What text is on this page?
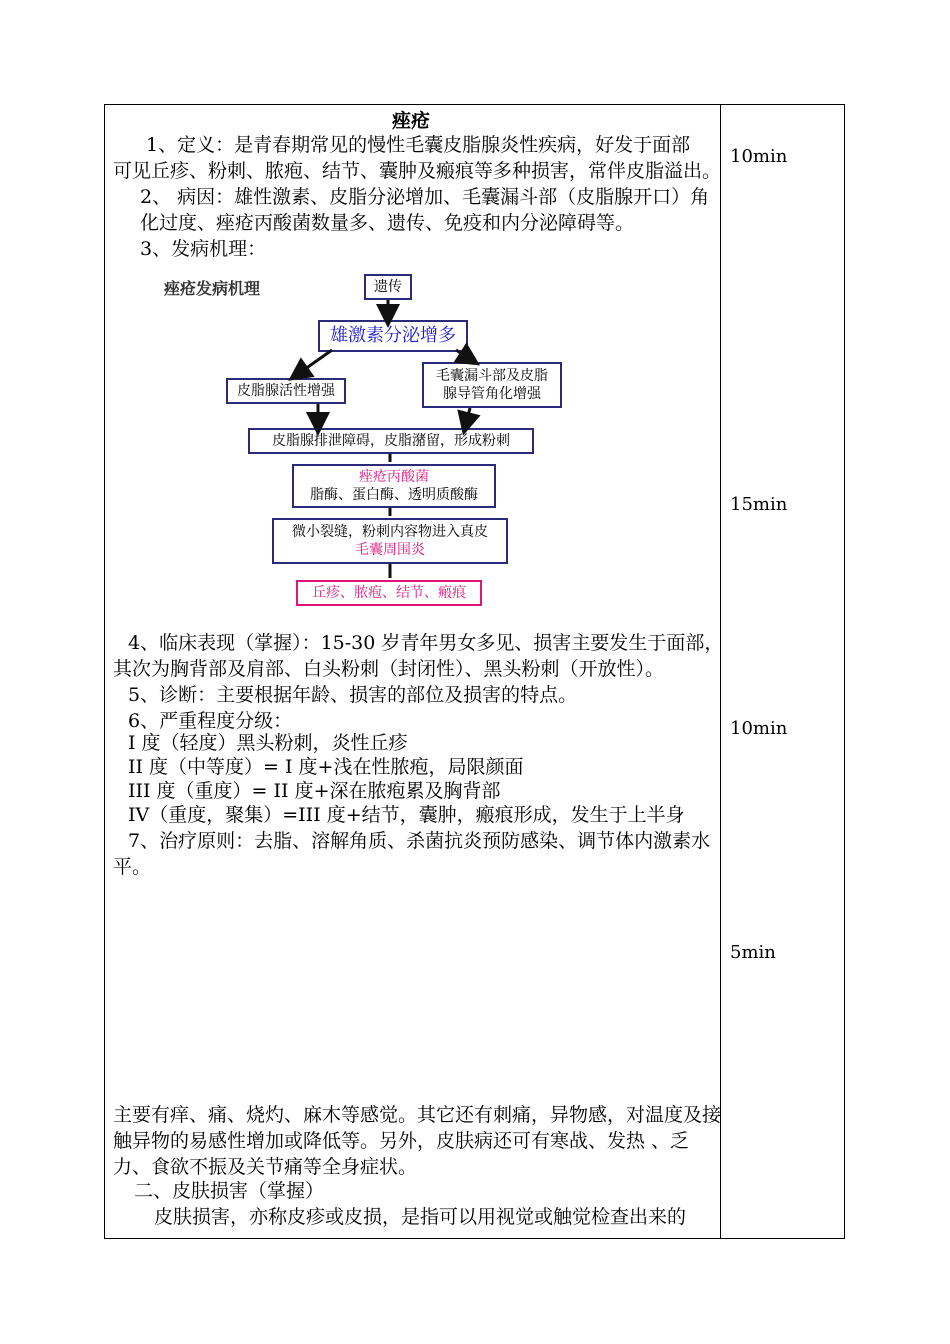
痤疮
1、定义：是青春期常见的慢性毛囊皮脂腺炎性疾病，好发于面部
可见丘疹、粉刺、脓疱、结节、囊肿及瘢痕等多种损害，常伴皮脂溢出。
2、 病因：雄性激素、皮脂分泌增加、毛囊漏斗部（皮脂腺开口）角
化过度、痤疮丙酸菌数量多、遗传、免疫和内分泌障碍等。
3、发病机理：
痤疮发病机理	遗传
雄激素分泌增多
皮脂腺活性增强
毛囊漏斗部及皮脂
腺导管角化增强
皮脂腺排泄障碍，皮脂潴留，形成粉刺
痤疮丙酸菌
脂酶、蛋白酶、透明质酸酶
微小裂缝，粉刺内容物进入真皮
毛囊周围炎
丘疹、脓疱、结节、瘢痕
4、临床表现（掌握）：15-30 岁青年男女多见、损害主要发生于面部，
其次为胸背部及肩部、白头粉刺（封闭性）、黑头粉刺（开放性）。
5、诊断：主要根据年龄、损害的部位及损害的特点。
6、严重程度分级：
I 度（轻度）黑头粉刺，炎性丘疹
II 度（中等度）= I 度+浅在性脓疱，局限颜面
III 度（重度）= II 度+深在脓疱累及胸背部
IV（重度，聚集）=III 度+结节，囊肿，瘢痕形成，发生于上半身
7、治疗原则：去脂、溶解角质、杀菌抗炎预防感染、调节体内激素水
平。
主要有痒、痛、烧灼、麻木等感觉。其它还有刺痛，异物感，对温度及接
触异物的易感性增加或降低等。另外，皮肤病还可有寒战、发热 、乏
力、食欲不振及关节痛等全身症状。
二、皮肤损害（掌握）
皮肤损害，亦称皮疹或皮损，是指可以用视觉或触觉检查出来的
10min
15min
10min
5min
